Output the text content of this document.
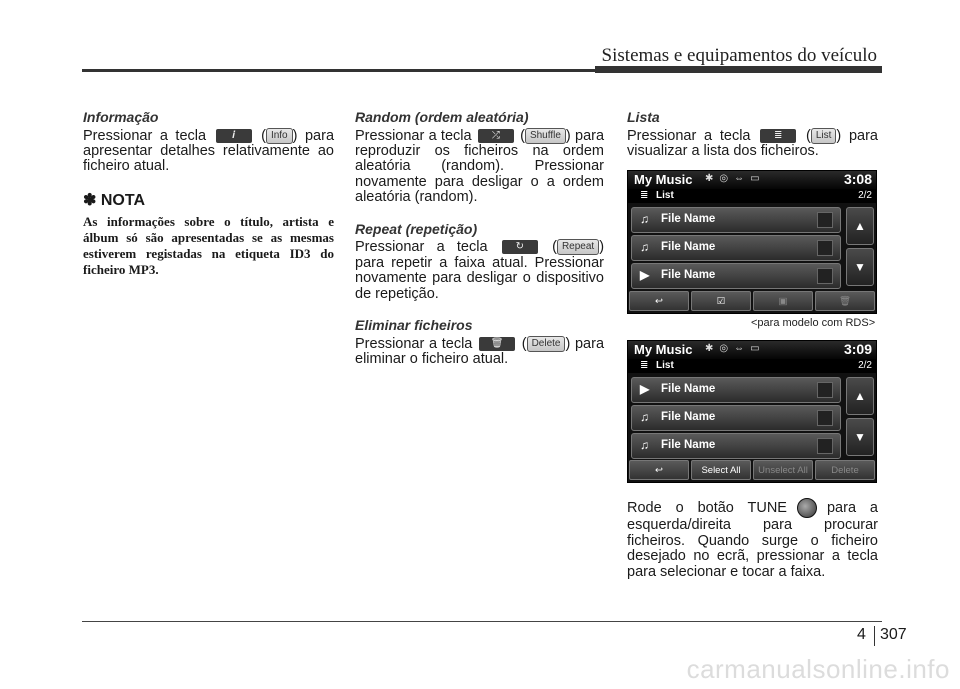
Sistemas e equipamentos do veículo
Informação

Pressionar a tecla	𝒊 ( Info ) para apresentar detalhes relativamente ao ficheiro atual.

✽ NOTA
As informações sobre o título, artista e álbum só são apresentadas se as mesmas estiverem registadas na etiqueta ID3 do ficheiro MP3.
Random (ordem aleatória)

Pressionar a tecla ⤮ ( Shuffle ) para reproduzir os ficheiros na ordem aleatória (random). Pressionar novamente para desligar o a ordem aleatória (random).

Repeat (repetição)

Pressionar a tecla	↻ ( Repeat ) para repetir a faixa atual. Pressionar novamente para desligar o dispositivo de repetição.

Eliminar ficheiros

Pressionar a tecla 🗑 ( Delete ) para eliminar o ficheiro atual.

Lista

Pressionar a tecla ≣ ( List ) para visualizar a lista dos ficheiros.

My Music ✱◎⇔▭	3:08
≣ List	2/2
♫ File Name
♫ File Name
▶ File Name
▲
▼
↩	☑	▣	🗑
<para modelo com RDS>
My Music ✱◎⇔▭	3:09
≣ List	2/2
▶ File Name
♫ File Name
♫ File Name
▲
▼
↩	Select All	Unselect All	Delete
Rode o botão TUNE	para a esquerda/direita para procurar ficheiros. Quando surge o ficheiro desejado no ecrã, pressionar a tecla para selecionar e tocar a faixa.
4 307
carmanualsonline.info
